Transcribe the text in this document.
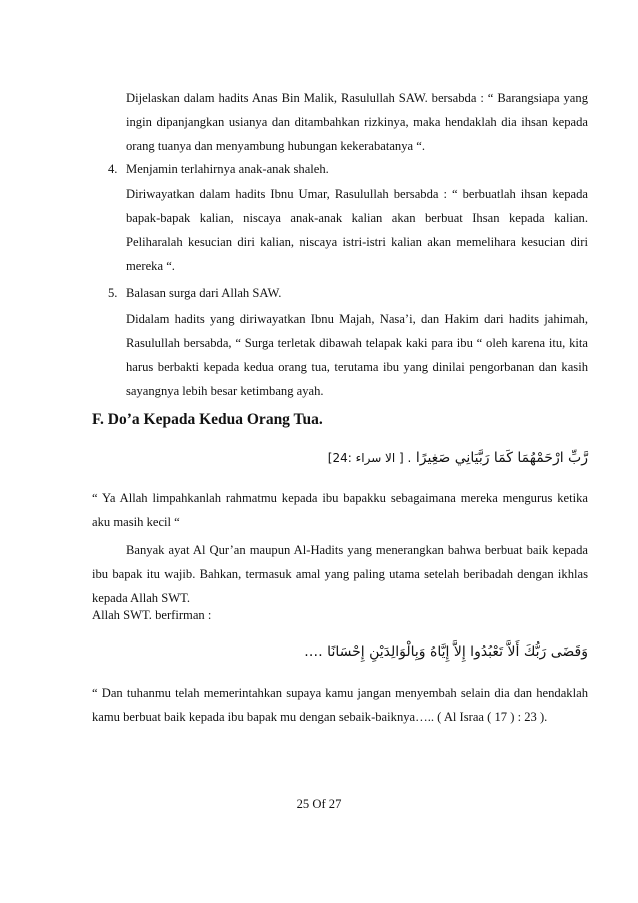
Dijelaskan dalam hadits Anas Bin Malik, Rasulullah SAW. bersabda : “ Barangsiapa yang ingin dipanjangkan usianya dan ditambahkan rizkinya, maka hendaklah dia ihsan kepada orang tuanya dan menyambung hubungan kekerabatanya “.

4. Menjamin terlahirnya anak-anak shaleh.

Diriwayatkan dalam hadits Ibnu Umar, Rasulullah bersabda : “ berbuatlah ihsan kepada bapak-bapak kalian, niscaya anak-anak kalian akan berbuat Ihsan kepada kalian. Peliharalah kesucian diri kalian, niscaya istri-istri kalian akan memelihara kesucian diri mereka “.

5. Balasan surga dari Allah SAW.

Didalam hadits yang diriwayatkan Ibnu Majah, Nasa’i, dan Hakim dari hadits jahimah, Rasulullah bersabda, “ Surga terletak dibawah telapak kaki para ibu “ oleh karena itu, kita harus berbakti kepada kedua orang tua, terutama ibu yang dinilai pengorbanan dan kasih sayangnya lebih besar ketimbang ayah.

F. Do’a Kepada Kedua Orang Tua.
رَّبِّ ارْحَمْهُمَا كَمَا رَبَّيَانِي صَغِيرًا . [ الا سراء :24]

“ Ya Allah limpahkanlah rahmatmu kepada ibu bapakku sebagaimana mereka mengurus ketika aku masih kecil “

Banyak ayat Al Qur’an maupun Al-Hadits yang menerangkan bahwa berbuat baik kepada ibu bapak itu wajib. Bahkan, termasuk amal yang paling utama setelah beribadah dengan ikhlas kepada Allah SWT.

Allah SWT. berfirman :
وَقَضَى رَبُّكَ أَلاَّ تَعْبُدُوا إِلاَّ إِيَّاهُ وَبِالْوَالِدَيْنِ إِحْسَانًا ….

“ Dan tuhanmu telah memerintahkan supaya kamu jangan menyembah selain dia dan hendaklah kamu berbuat baik kepada ibu bapak mu dengan sebaik-baiknya….. ( Al Israa ( 17 ) : 23 ).

25 Of 27
